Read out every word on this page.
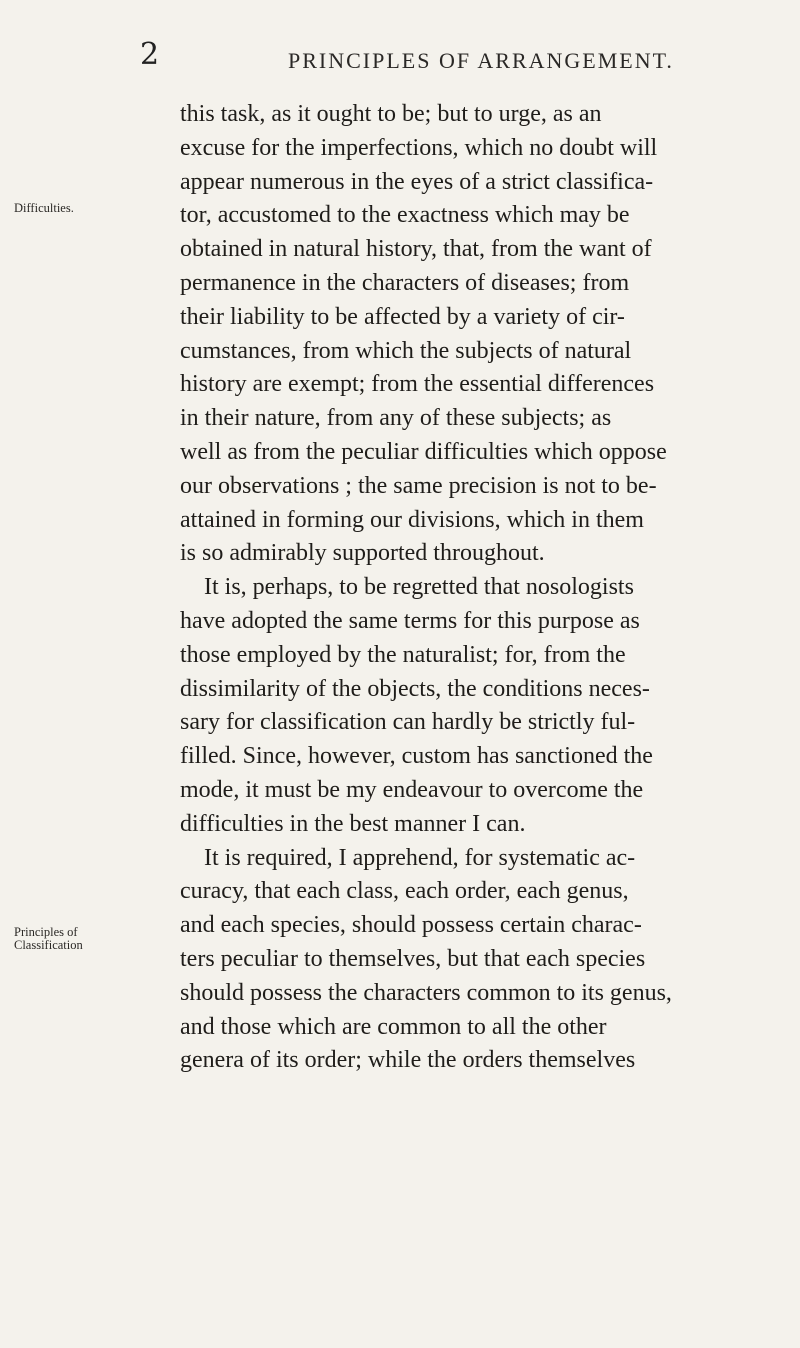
2	PRINCIPLES OF ARRANGEMENT.
Difficulties.
Principles of Classification
this task, as it ought to be; but to urge, as an
excuse for the imperfections, which no doubt will
appear numerous in the eyes of a strict classifica-
tor, accustomed to the exactness which may be
obtained in natural history, that, from the want of
permanence in the characters of diseases; from
their liability to be affected by a variety of cir-
cumstances, from which the subjects of natural
history are exempt; from the essential differences
in their nature, from any of these subjects; as
well as from the peculiar difficulties which oppose
our observations ; the same precision is not to be-
attained in forming our divisions, which in them
is so admirably supported throughout.
It is, perhaps, to be regretted that nosologists
have adopted the same terms for this purpose as
those employed by the naturalist; for, from the
dissimilarity of the objects, the conditions neces-
sary for classification can hardly be strictly ful-
filled. Since, however, custom has sanctioned the
mode, it must be my endeavour to overcome the
difficulties in the best manner I can.
It is required, I apprehend, for systematic ac-
curacy, that each class, each order, each genus,
and each species, should possess certain charac-
ters peculiar to themselves, but that each species
should possess the characters common to its genus,
and those which are common to all the other
genera of its order; while the orders themselves
